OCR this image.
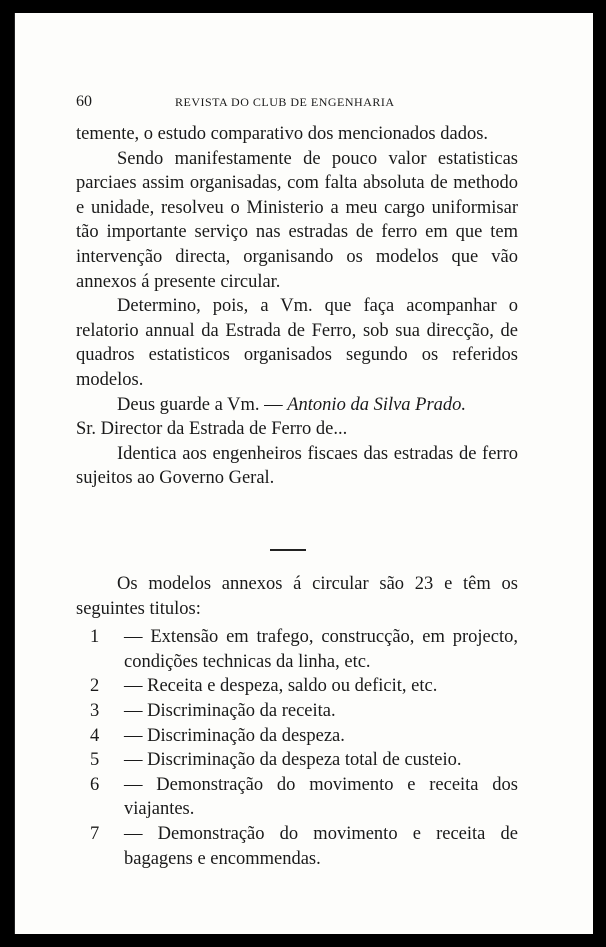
60	REVISTA DO CLUB DE ENGENHARIA

temente, o estudo comparativo dos mencionados dados.

Sendo manifestamente de pouco valor estatisticas parciaes assim organisadas, com falta absoluta de methodo e unidade, resolveu o Ministerio a meu cargo uniformisar tão importante serviço nas estradas de ferro em que tem intervenção directa, organisando os modelos que vão annexos á presente circular.

Determino, pois, a Vm. que faça acompanhar o relatorio annual da Estrada de Ferro, sob sua direcção, de quadros estatisticos organisados segundo os referidos modelos.

Deus guarde a Vm. — Antonio da Silva Prado.

Sr. Director da Estrada de Ferro de...

Identica aos engenheiros fiscaes das estradas de ferro sujeitos ao Governo Geral.

Os modelos annexos á circular são 23 e têm os seguintes titulos:

1 — Extensão em trafego, construcção, em projecto, condições technicas da linha, etc.
2 — Receita e despeza, saldo ou deficit, etc.
3 — Discriminação da receita.
4 — Discriminação da despeza.
5 — Discriminação da despeza total de custeio.
6 — Demonstração do movimento e receita dos viajantes.
7 — Demonstração do movimento e receita de bagagens e encommendas.
